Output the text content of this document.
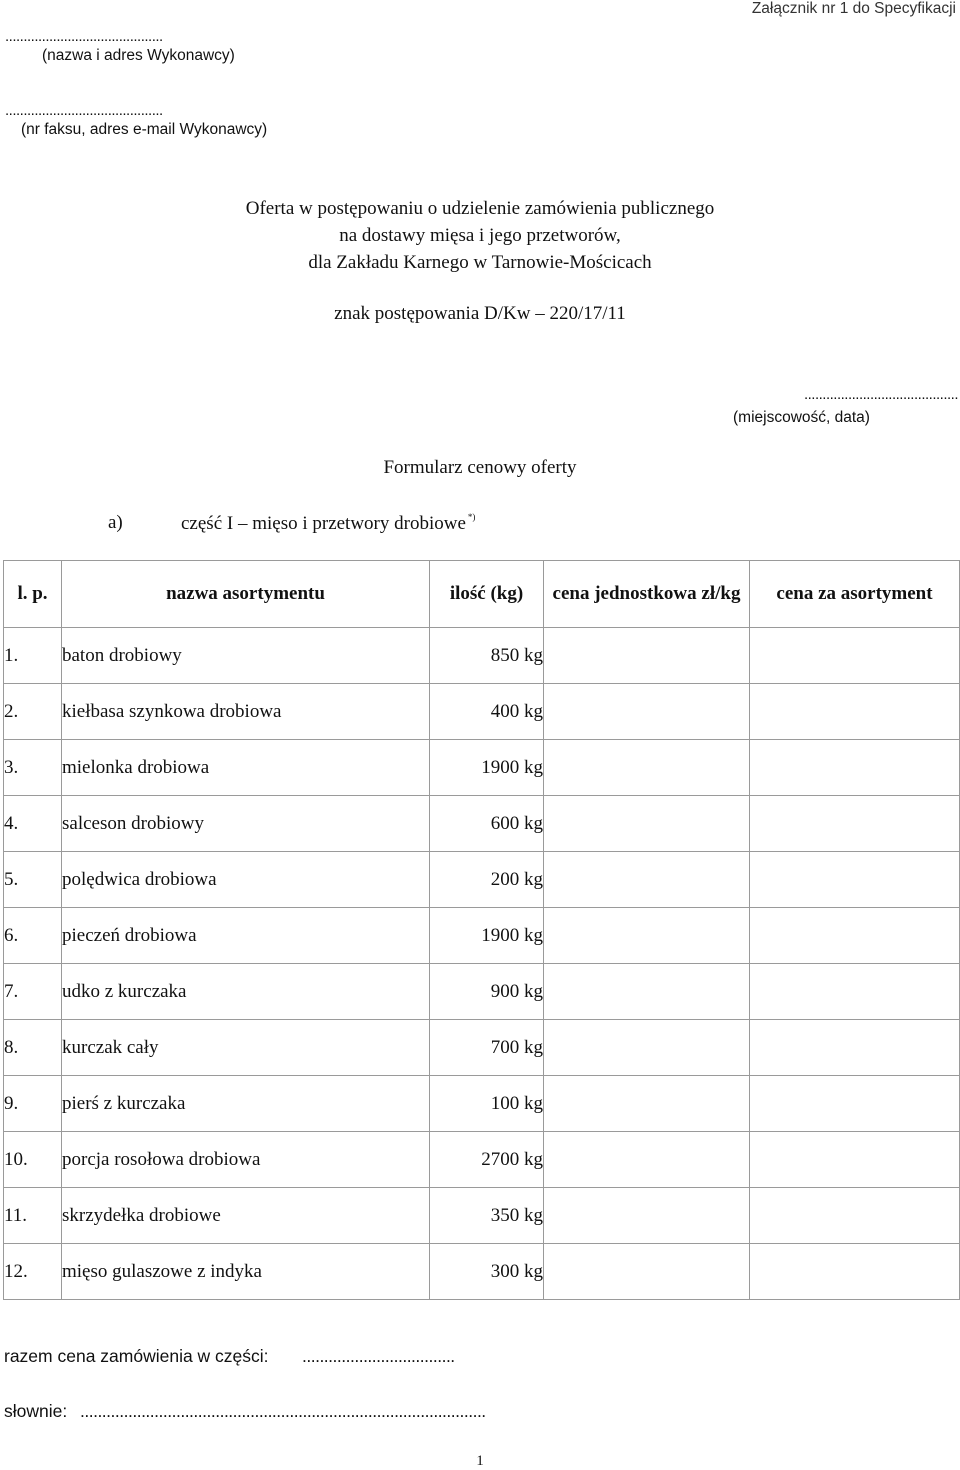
Załącznik nr 1 do Specyfikacji
...........................................
(nazwa i adres Wykonawcy)
...........................................
(nr faksu, adres e-mail Wykonawcy)
Oferta w postępowaniu o udzielenie zamówienia publicznego
na dostawy mięsa i jego przetworów,
dla Zakładu Karnego w Tarnowie-Mościcach
znak postępowania D/Kw – 220/17/11
..........................................
(miejscowość, data)
Formularz cenowy oferty
a)	część I – mięso i przetwory drobiowe *)
l. p.	nazwa asortymentu	ilość (kg)	cena jednostkowa zł/kg	cena za asortyment
1.	baton drobiowy	850 kg		
2.	kiełbasa szynkowa drobiowa	400 kg		
3.	mielonka drobiowa	1900 kg		
4.	salceson drobiowy	600 kg		
5.	polędwica drobiowa	200 kg		
6.	pieczeń drobiowa	1900 kg		
7.	udko z kurczaka	900 kg		
8.	kurczak cały	700 kg		
9.	pierś z kurczaka	100 kg		
10.	porcja rosołowa drobiowa	2700 kg		
11.	skrzydełka drobiowe	350 kg		
12.	mięso gulaszowe z indyka	300 kg		
razem cena zamówienia w części: ...................................
słownie: .............................................................................................
1
